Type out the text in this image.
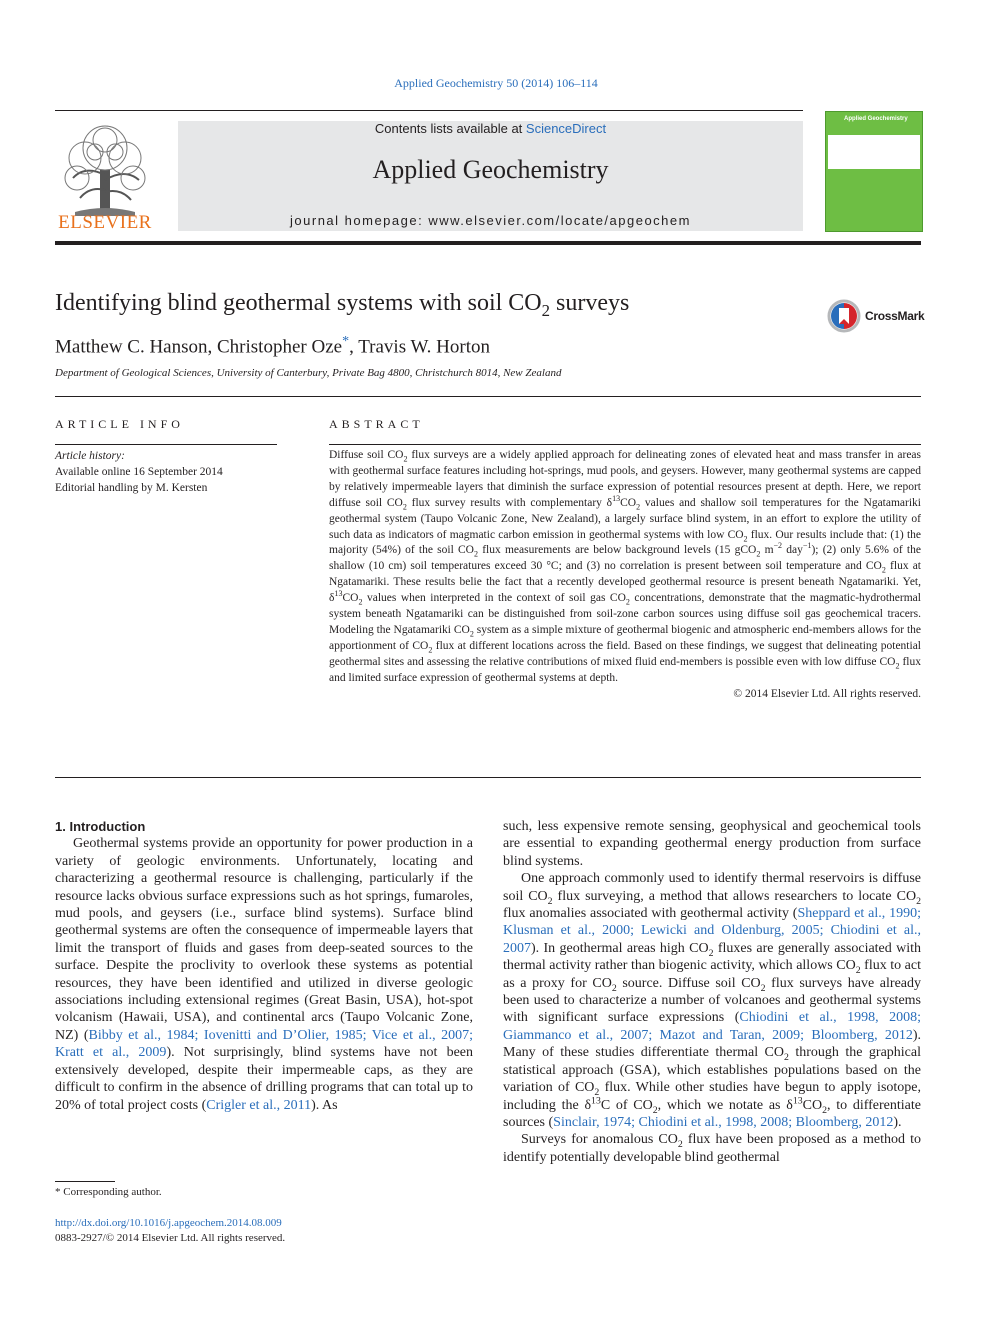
Applied Geochemistry 50 (2014) 106–114
ELSEVIER
Contents lists available at ScienceDirect
Applied Geochemistry
journal homepage: www.elsevier.com/locate/apgeochem
Applied Geochemistry
Identifying blind geothermal systems with soil $CO_2$ surveys	CrossMark
Matthew C. Hanson, Christopher Oze*, Travis W. Horton
Department of Geological Sciences, University of Canterbury, Private Bag 4800, Christchurch 8014, New Zealand
ARTICLE INFO	ABSTRACT
Article history:
Available online 16 September 2014
Editorial handling by M. Kersten

Diffuse soil $CO_2$ flux surveys are a widely applied approach for delineating zones of elevated heat and mass transfer in areas with geothermal surface features including hot-springs, mud pools, and geysers. However, many geothermal systems are capped by relatively impermeable layers that diminish the surface expression of potential resources present at depth. Here, we report diffuse soil $CO_2$ flux survey results with complementary $\delta^{13}CO_2$ values and shallow soil temperatures for the Ngatamariki geothermal system (Taupo Volcanic Zone, New Zealand), a largely surface blind system, in an effort to explore the utility of such data as indicators of magmatic carbon emission in geothermal systems with low $CO_2$ flux. Our results include that: (1) the majority (54%) of the soil $CO_2$ flux measurements are below background levels (15 gCO$_2$ $m^{-2}$ day$^{-1}$); (2) only 5.6% of the shallow (10 cm) soil temperatures exceed 30 °C; and (3) no correlation is present between soil temperature and $CO_2$ flux at Ngatamariki. These results belie the fact that a recently developed geothermal resource is present beneath Ngatamariki. Yet, $\delta^{13}CO_2$ values when interpreted in the context of soil gas $CO_2$ concentrations, demonstrate that the magmatic-hydrothermal system beneath Ngatamariki can be distinguished from soil-zone carbon sources using diffuse soil gas geochemical tracers. Modeling the Ngatamariki $CO_2$ system as a simple mixture of geothermal biogenic and atmospheric end-members allows for the apportionment of $CO_2$ flux at different locations across the field. Based on these findings, we suggest that delineating potential geothermal sites and assessing the relative contributions of mixed fluid end-members is possible even with low diffuse $CO_2$ flux and limited surface expression of geothermal systems at depth.

© 2014 Elsevier Ltd. All rights reserved.

1. Introduction

Geothermal systems provide an opportunity for power production in a variety of geologic environments. Unfortunately, locating and characterizing a geothermal resource is challenging, particularly if the resource lacks obvious surface expressions such as hot springs, fumaroles, mud pools, and geysers (i.e., surface blind systems). Surface blind geothermal systems are often the consequence of impermeable layers that limit the transport of fluids and gases from deep-seated sources to the surface. Despite the proclivity to overlook these systems as potential resources, they have been identified and utilized in diverse geologic associations including extensional regimes (Great Basin, USA), hot-spot volcanism (Hawaii, USA), and continental arcs (Taupo Volcanic Zone, NZ) (Bibby et al., 1984; Iovenitti and D’Olier, 1985; Vice et al., 2007; Kratt et al., 2009). Not surprisingly, blind systems have not been extensively developed, despite their impermeable caps, as they are difficult to confirm in the absence of drilling programs that can total up to 20% of total project costs (Crigler et al., 2011). As

such, less expensive remote sensing, geophysical and geochemical tools are essential to expanding geothermal energy production from surface blind systems.

One approach commonly used to identify thermal reservoirs is diffuse soil $CO_2$ flux surveying, a method that allows researchers to locate $CO_2$ flux anomalies associated with geothermal activity (Sheppard et al., 1990; Klusman et al., 2000; Lewicki and Oldenburg, 2005; Chiodini et al., 2007). In geothermal areas high $CO_2$ fluxes are generally associated with thermal activity rather than biogenic activity, which allows $CO_2$ flux to act as a proxy for $CO_2$ source. Diffuse soil $CO_2$ flux surveys have already been used to characterize a number of volcanoes and geothermal systems with significant surface expressions (Chiodini et al., 1998, 2008; Giammanco et al., 2007; Mazot and Taran, 2009; Bloomberg, 2012). Many of these studies differentiate thermal $CO_2$ through the graphical statistical approach (GSA), which establishes populations based on the variation of $CO_2$ flux. While other studies have begun to apply isotope, including the $\delta^{13}C$ of $CO_2$, which we notate as $\delta^{13}CO_2$, to differentiate sources (Sinclair, 1974; Chiodini et al., 1998, 2008; Bloomberg, 2012).

Surveys for anomalous $CO_2$ flux have been proposed as a method to identify potentially developable blind geothermal

* Corresponding author.
http://dx.doi.org/10.1016/j.apgeochem.2014.08.009
0883-2927/© 2014 Elsevier Ltd. All rights reserved.
